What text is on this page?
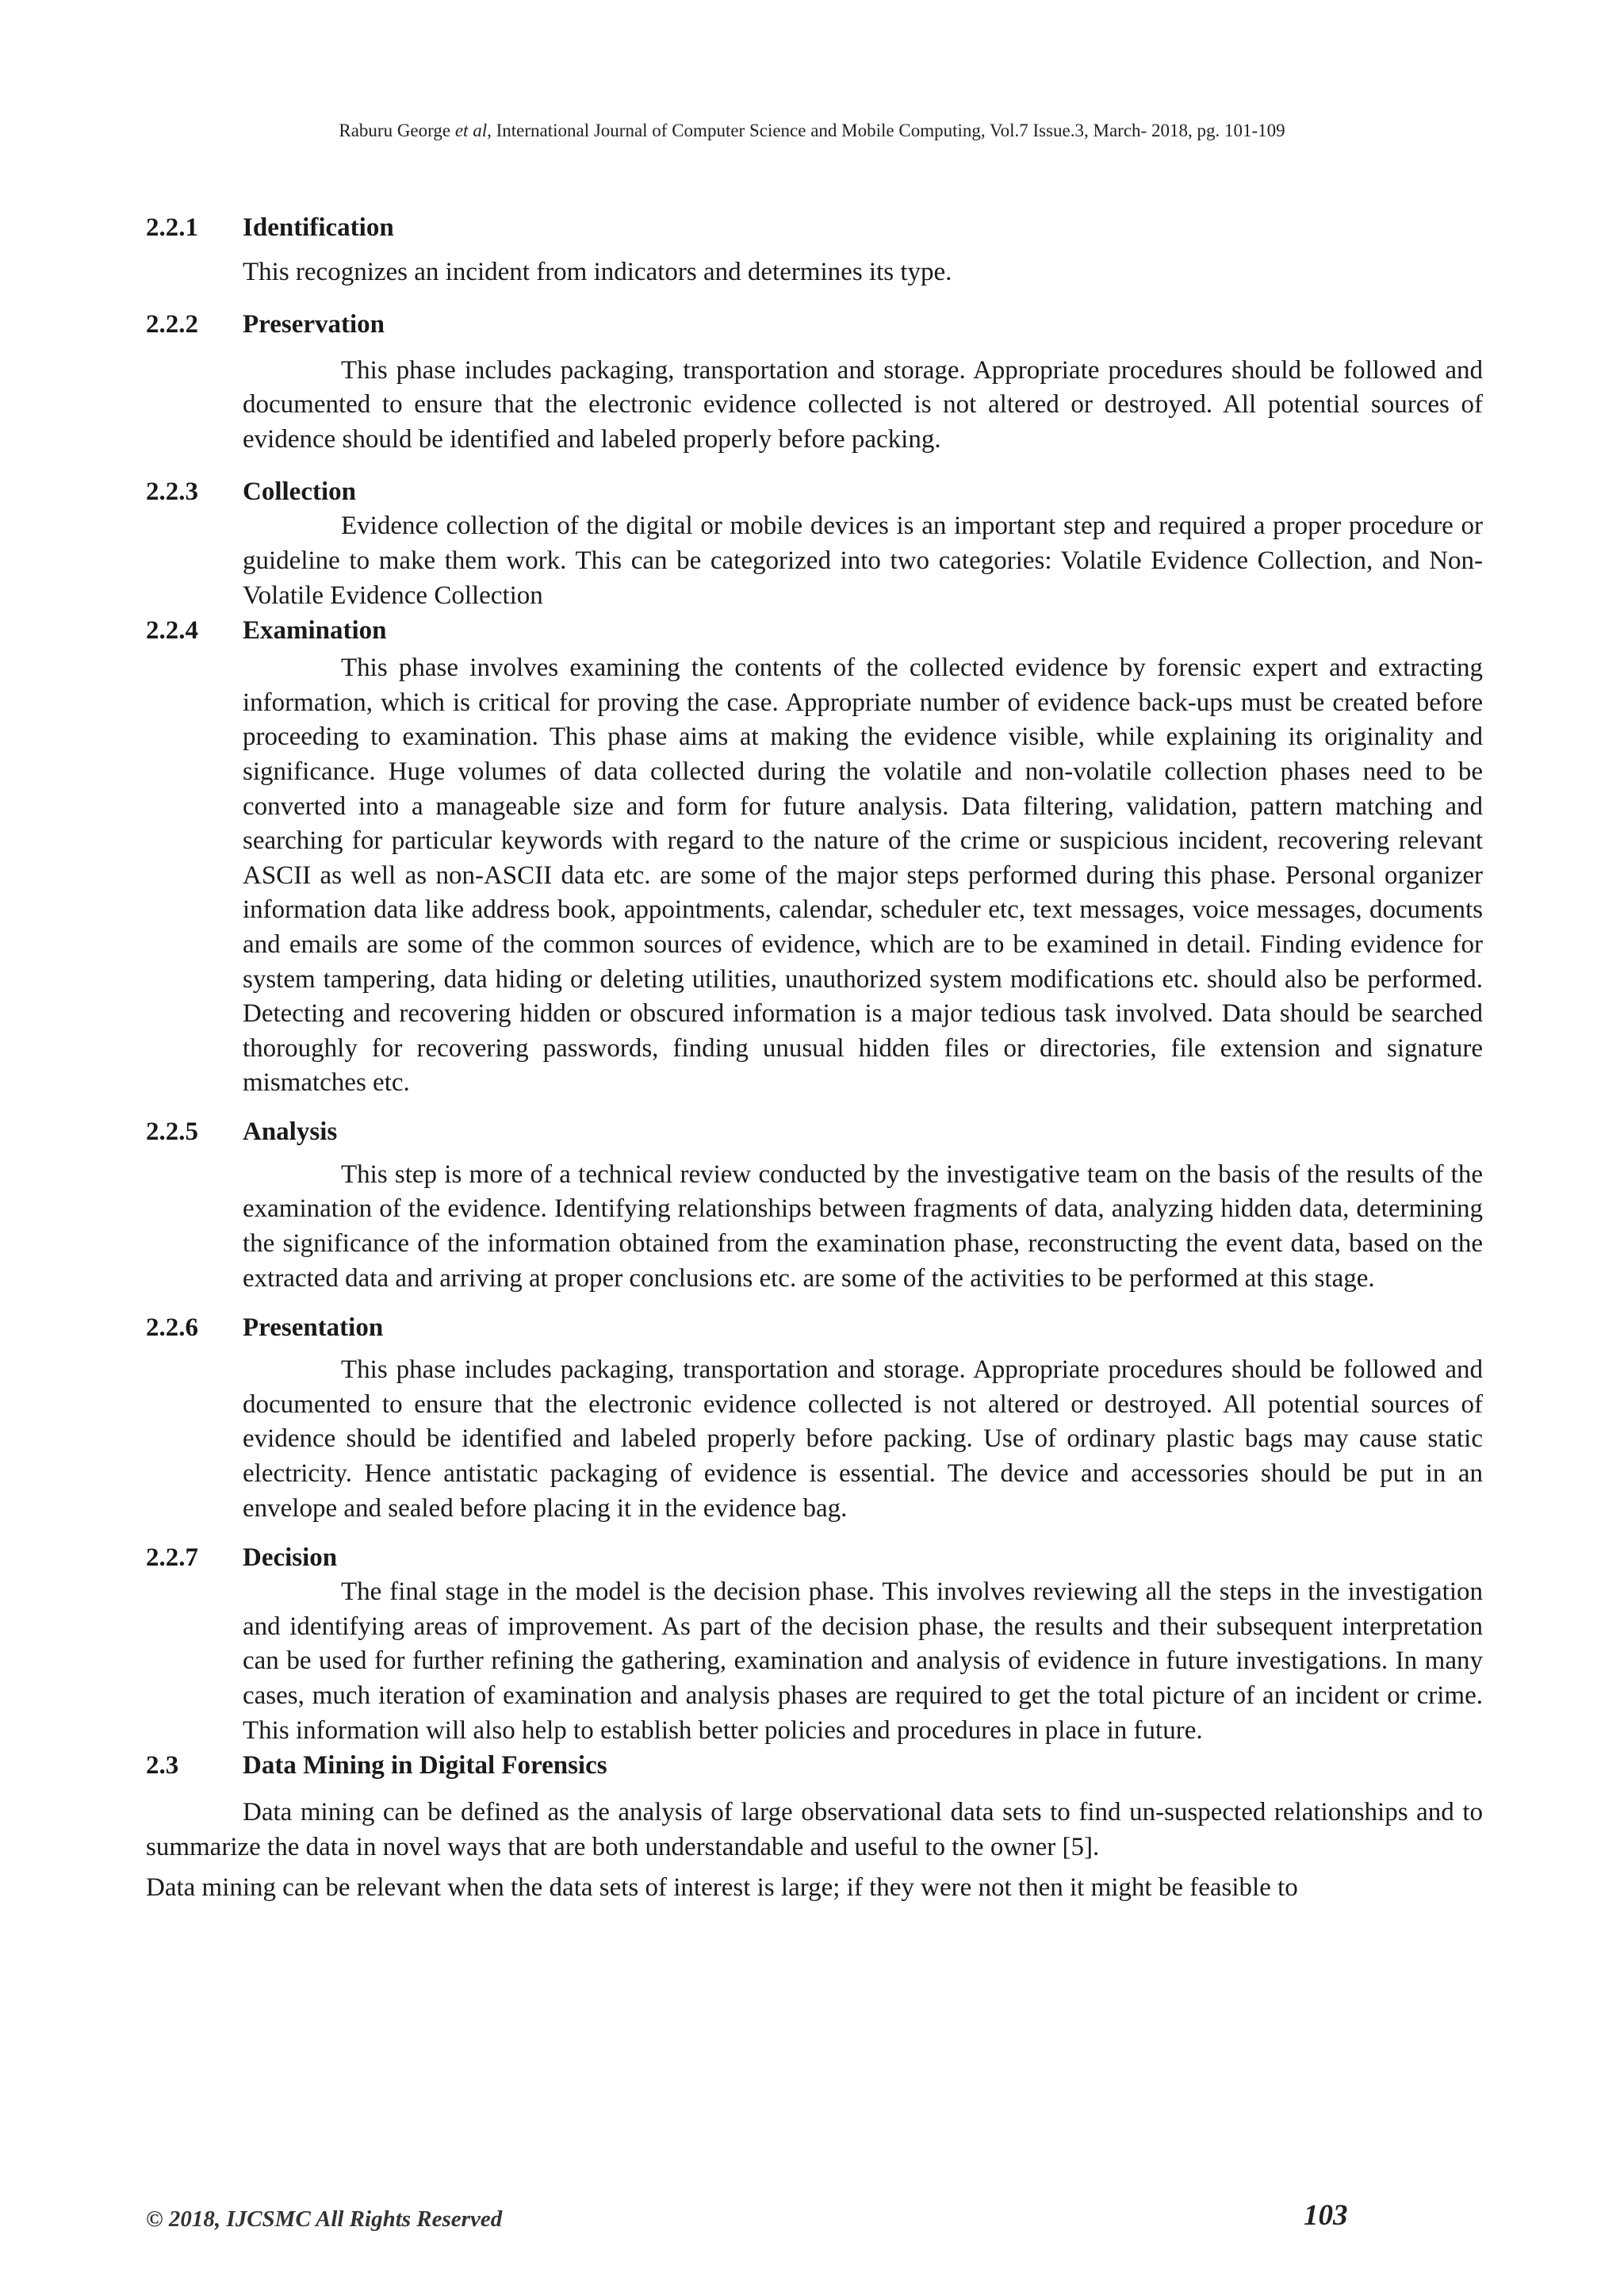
Raburu George et al, International Journal of Computer Science and Mobile Computing, Vol.7 Issue.3, March- 2018, pg. 101-109
2.2.1	Identification

This recognizes an incident from indicators and determines its type.

2.2.2	Preservation

This phase includes packaging, transportation and storage. Appropriate procedures should be followed and documented to ensure that the electronic evidence collected is not altered or destroyed. All potential sources of evidence should be identified and labeled properly before packing.

2.2.3	Collection

Evidence collection of the digital or mobile devices is an important step and required a proper procedure or guideline to make them work. This can be categorized into two categories: Volatile Evidence Collection, and Non-Volatile Evidence Collection

2.2.4	Examination

This phase involves examining the contents of the collected evidence by forensic expert and extracting information, which is critical for proving the case. Appropriate number of evidence back-ups must be created before proceeding to examination. This phase aims at making the evidence visible, while explaining its originality and significance. Huge volumes of data collected during the volatile and non-volatile collection phases need to be converted into a manageable size and form for future analysis. Data filtering, validation, pattern matching and searching for particular keywords with regard to the nature of the crime or suspicious incident, recovering relevant ASCII as well as non-ASCII data etc. are some of the major steps performed during this phase. Personal organizer information data like address book, appointments, calendar, scheduler etc, text messages, voice messages, documents and emails are some of the common sources of evidence, which are to be examined in detail. Finding evidence for system tampering, data hiding or deleting utilities, unauthorized system modifications etc. should also be performed. Detecting and recovering hidden or obscured information is a major tedious task involved. Data should be searched thoroughly for recovering passwords, finding unusual hidden files or directories, file extension and signature mismatches etc.

2.2.5	Analysis

This step is more of a technical review conducted by the investigative team on the basis of the results of the examination of the evidence. Identifying relationships between fragments of data, analyzing hidden data, determining the significance of the information obtained from the examination phase, reconstructing the event data, based on the extracted data and arriving at proper conclusions etc. are some of the activities to be performed at this stage.

2.2.6	Presentation

This phase includes packaging, transportation and storage. Appropriate procedures should be followed and documented to ensure that the electronic evidence collected is not altered or destroyed. All potential sources of evidence should be identified and labeled properly before packing. Use of ordinary plastic bags may cause static electricity. Hence antistatic packaging of evidence is essential. The device and accessories should be put in an envelope and sealed before placing it in the evidence bag.

2.2.7	Decision

The final stage in the model is the decision phase. This involves reviewing all the steps in the investigation and identifying areas of improvement. As part of the decision phase, the results and their subsequent interpretation can be used for further refining the gathering, examination and analysis of evidence in future investigations. In many cases, much iteration of examination and analysis phases are required to get the total picture of an incident or crime. This information will also help to establish better policies and procedures in place in future.

2.3	Data Mining in Digital Forensics

Data mining can be defined as the analysis of large observational data sets to find un-suspected relationships and to summarize the data in novel ways that are both understandable and useful to the owner [5].

Data mining can be relevant when the data sets of interest is large; if they were not then it might be feasible to

© 2018, IJCSMC All Rights Reserved	103
